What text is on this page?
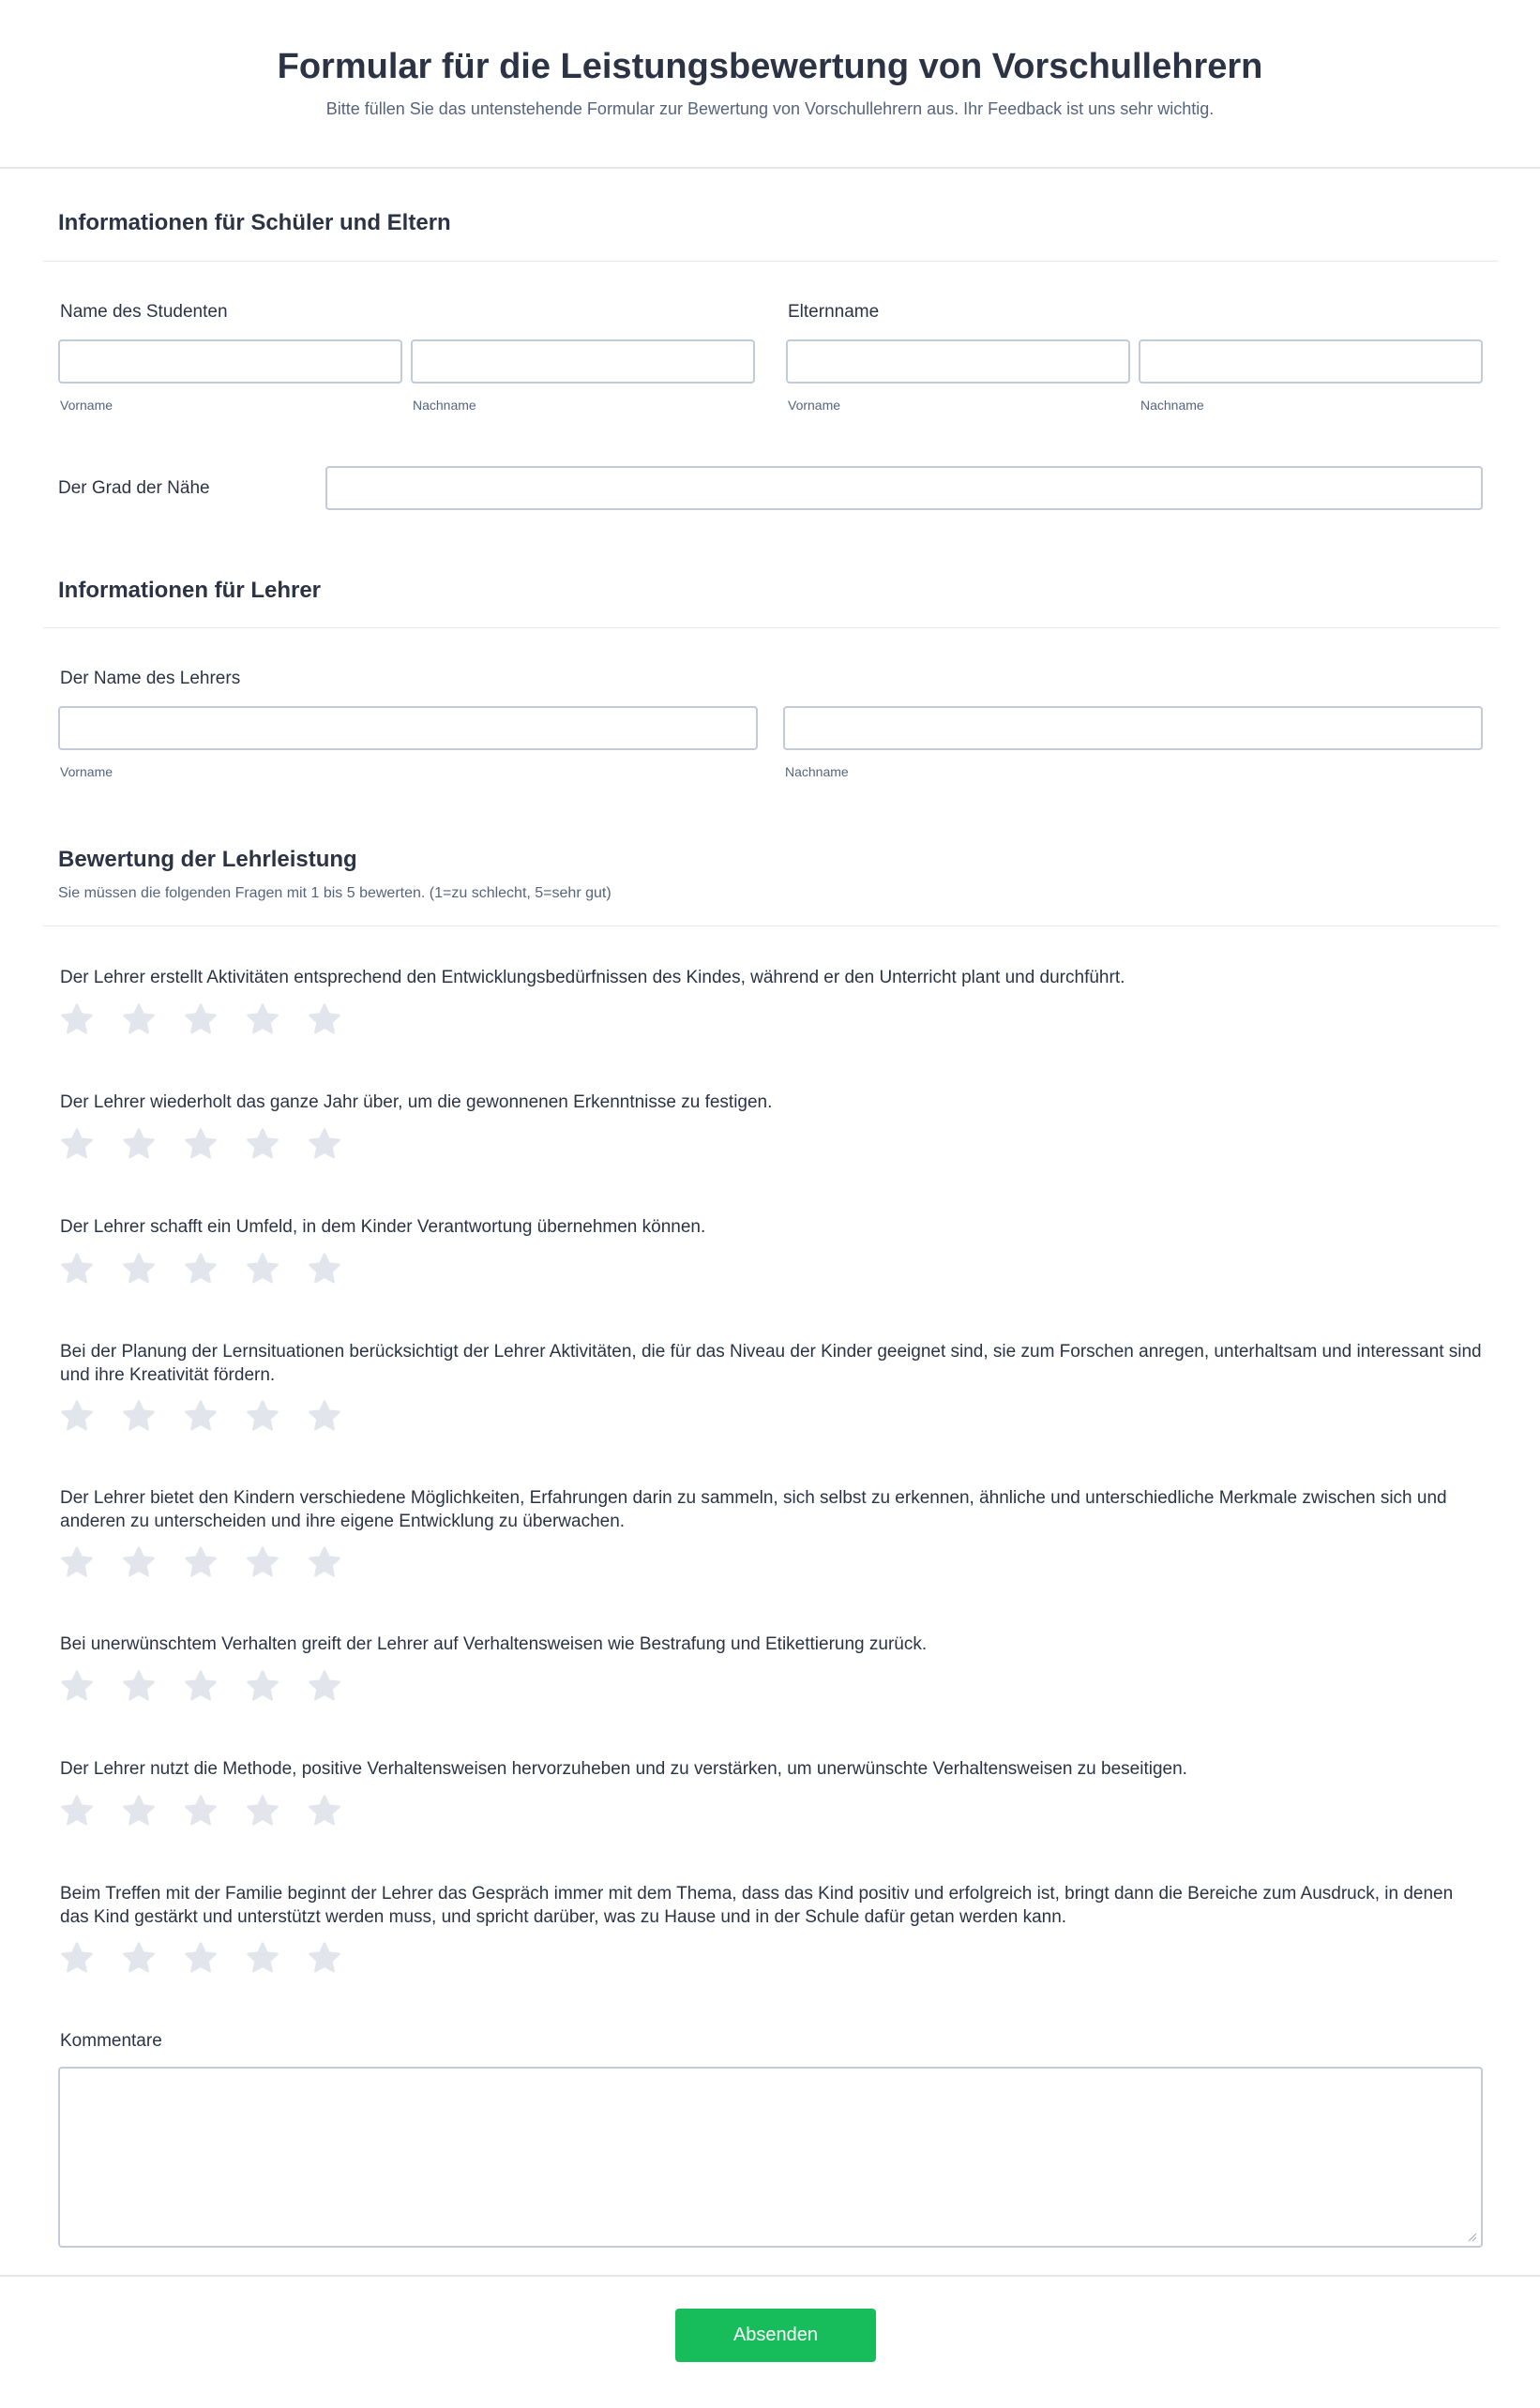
Formular für die Leistungsbewertung von Vorschullehrern

Bitte füllen Sie das untenstehende Formular zur Bewertung von Vorschullehrern aus. Ihr Feedback ist uns sehr wichtig.

Informationen für Schüler und Eltern
Name des Studenten
Vorname	Nachname
Elternname
Vorname	Nachname
Der Grad der Nähe
Informationen für Lehrer
Der Name des Lehrers
Vorname	Nachname
Bewertung der Lehrleistung
Sie müssen die folgenden Fragen mit 1 bis 5 bewerten. (1=zu schlecht, 5=sehr gut)
Der Lehrer erstellt Aktivitäten entsprechend den Entwicklungsbedürfnissen des Kindes, während er den Unterricht plant und durchführt.
Der Lehrer wiederholt das ganze Jahr über, um die gewonnenen Erkenntnisse zu festigen.
Der Lehrer schafft ein Umfeld, in dem Kinder Verantwortung übernehmen können.
Bei der Planung der Lernsituationen berücksichtigt der Lehrer Aktivitäten, die für das Niveau der Kinder geeignet sind, sie zum Forschen anregen, unterhaltsam und interessant sind und ihre Kreativität fördern.
Der Lehrer bietet den Kindern verschiedene Möglichkeiten, Erfahrungen darin zu sammeln, sich selbst zu erkennen, ähnliche und unterschiedliche Merkmale zwischen sich und anderen zu unterscheiden und ihre eigene Entwicklung zu überwachen.
Bei unerwünschtem Verhalten greift der Lehrer auf Verhaltensweisen wie Bestrafung und Etikettierung zurück.
Der Lehrer nutzt die Methode, positive Verhaltensweisen hervorzuheben und zu verstärken, um unerwünschte Verhaltensweisen zu beseitigen.
Beim Treffen mit der Familie beginnt der Lehrer das Gespräch immer mit dem Thema, dass das Kind positiv und erfolgreich ist, bringt dann die Bereiche zum Ausdruck, in denen das Kind gestärkt und unterstützt werden muss, und spricht darüber, was zu Hause und in der Schule dafür getan werden kann.
Kommentare
Absenden
